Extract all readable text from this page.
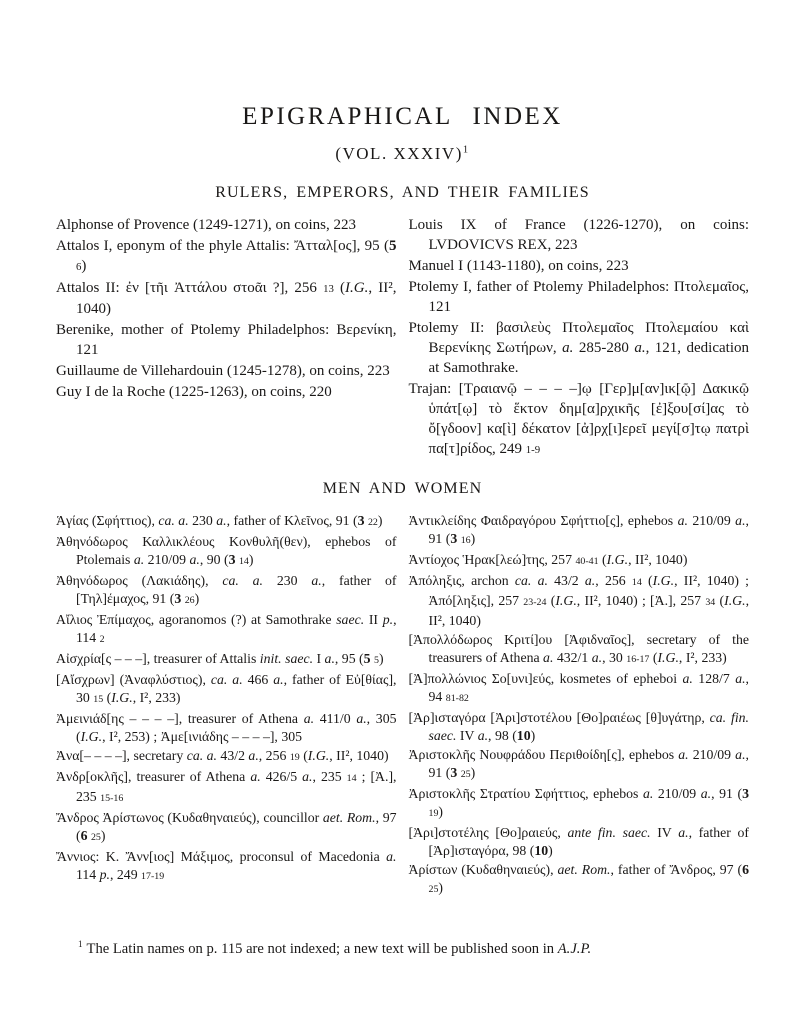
EPIGRAPHICAL INDEX
(VOL. XXXIV)$^1$
RULERS, EMPERORS, AND THEIR FAMILIES

Alphonse of Provence (1249-1271), on coins, 223

Attalos I, eponym of the phyle Attalis: Ἄτταλ[ος], 95 (5 6)

Attalos II: ἐν [τῆι Ἀττάλου στοᾶι ?], 256 13 (I.G., II², 1040)

Berenike, mother of Ptolemy Philadelphos: Βερενίκη, 121

Guillaume de Villehardouin (1245-1278), on coins, 223

Guy I de la Roche (1225-1263), on coins, 220

Louis IX of France (1226-1270), on coins: LVDOVICVS REX, 223

Manuel I (1143-1180), on coins, 223

Ptolemy I, father of Ptolemy Philadelphos: Πτολεμαῖος, 121

Ptolemy II: βασιλεὺς Πτολεμαῖος Πτολεμαίου καὶ Βερενίκης Σωτήρων, a. 285-280 a., 121, dedication at Samothrake.

Trajan: [Τραιανῷ – – – –]ῳ [Γερ]μ[αν]ικ[ῷ] Δακικῷ ὑπάτ[ῳ] τὸ ἕκτον δημ[α]ρχικῆς [ἐ]ξου[σί]ας τὸ ὄ[γδοον] κα[ὶ] δέκατον [ἀ]ρχ[ι]ερεῖ μεγί[σ]τῳ πατρὶ πα[τ]ρίδος, 249 1-9

MEN AND WOMEN

Ἁγίας (Σφήττιος), ca. a. 230 a., father of Κλεῖνος, 91 (3 22)

Ἀθηνόδωρος Καλλικλέους Κονθυλῆ(θεν), ephebos of Ptolemais a. 210/09 a., 90 (3 14)

Ἀθηνόδωρος (Λακιάδης), ca. a. 230 a., father of [Τηλ]έμαχος, 91 (3 26)

Αἴλιος Ἐπίμαχος, agoranomos (?) at Samothrake saec. II p., 114 2

Αἰσχρία[ς – – –], treasurer of Attalis init. saec. I a., 95 (5 5)

[Αἴσχρων] (Ἀναφλύστιος), ca. a. 466 a., father of Εὐ[θίας], 30 15 (I.G., I², 233)

Ἀμεινιάδ[ης – – – –], treasurer of Athena a. 411/0 a., 305 (I.G., I², 253) ; Ἀμε[ινιάδης – – – –], 305

Ἀνα[– – – –], secretary ca. a. 43/2 a., 256 19 (I.G., II², 1040)

Ἀνδρ[οκλῆς], treasurer of Athena a. 426/5 a., 235 14 ; [Ἀ.], 235 15-16

Ἄνδρος Ἀρίστωνος (Κυδαθηναιεύς), councillor aet. Rom., 97 (6 25)

Ἄννιος: Κ. Ἄνν[ιος] Μάξιμος, proconsul of Macedonia a. 114 p., 249 17-19

Ἀντικλείδης Φαιδραγόρου Σφήττιο[ς], ephebos a. 210/09 a., 91 (3 16)

Ἀντίοχος Ἡρακ[λεώ]της, 257 40-41 (I.G., II², 1040)

Ἀπόληξις, archon ca. a. 43/2 a., 256 14 (I.G., II², 1040) ; Ἀπό[ληξις], 257 23-24 (I.G., II², 1040) ; [Ἀ.], 257 34 (I.G., II², 1040)

[Ἀπολλόδωρος Κριτί]ου [Ἀφιδναῖος], secretary of the treasurers of Athena a. 432/1 a., 30 16-17 (I.G., I², 233)

[Ἀ]πολλώνιος Σο[υνι]εύς, kosmetes of epheboi a. 128/7 a., 94 81-82

[Ἀρ]ισταγόρα [Ἀρι]στοτέλου [Θο]ραιέως [θ]υγάτηρ, ca. fin. saec. IV a., 98 (10)

Ἀριστοκλῆς Νουφράδου Περιθοίδη[ς], ephebos a. 210/09 a., 91 (3 25)

Ἀριστοκλῆς Στρατίου Σφήττιος, ephebos a. 210/09 a., 91 (3 19)

[Ἀρι]στοτέλης [Θο]ραιεύς, ante fin. saec. IV a., father of [Ἀρ]ισταγόρα, 98 (10)

Ἀρίστων (Κυδαθηναιεύς), aet. Rom., father of Ἄνδρος, 97 (6 25)

$^1$ The Latin names on p. 115 are not indexed; a new text will be published soon in A.J.P.
